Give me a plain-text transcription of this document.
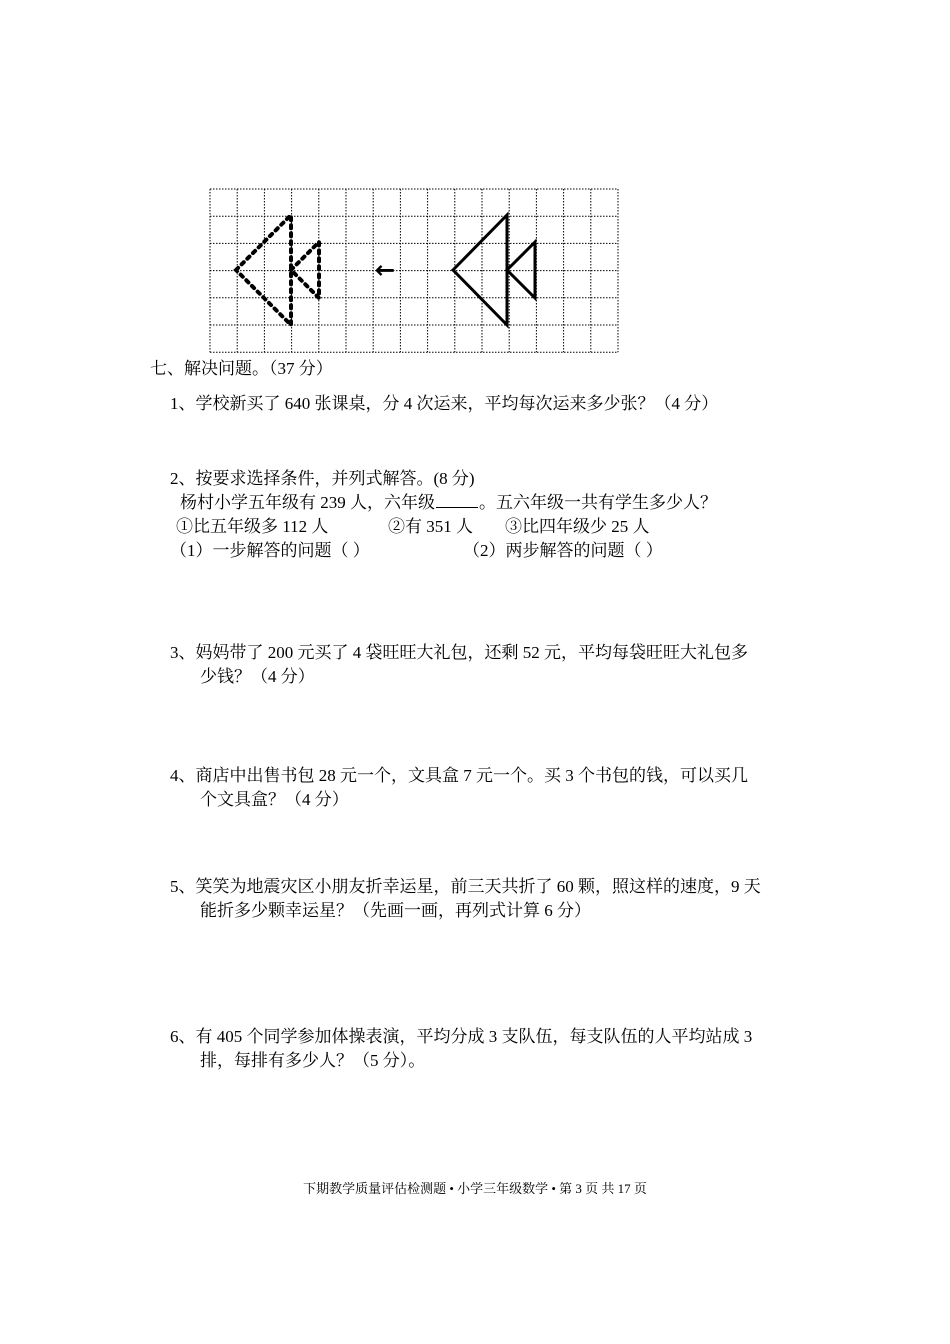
←
七、解决问题。（37 分）
1、学校新买了 640 张课桌，分 4 次运来，平均每次运来多少张？（4 分）
2、按要求选择条件，并列式解答。(8 分)
杨村小学五年级有 239 人，六年级	。五六年级一共有学生多少人？
①比五年级多 112 人	②有 351 人 ③比四年级少 25 人
（1）一步解答的问题（ ）	（2）两步解答的问题（ ）
3、妈妈带了 200 元买了 4 袋旺旺大礼包，还剩 52 元，平均每袋旺旺大礼包多
少钱？（4 分）
4、商店中出售书包 28 元一个，文具盒 7 元一个。买 3 个书包的钱，可以买几
个文具盒？（4 分）
5、笑笑为地震灾区小朋友折幸运星，前三天共折了 60 颗，照这样的速度，9 天
能折多少颗幸运星？（先画一画，再列式计算 6 分）
6、有 405 个同学参加体操表演，平均分成 3 支队伍，每支队伍的人平均站成 3
排，每排有多少人？（5 分）。
下期教学质量评估检测题 • 小学三年级数学 • 第 3 页 共 17 页
